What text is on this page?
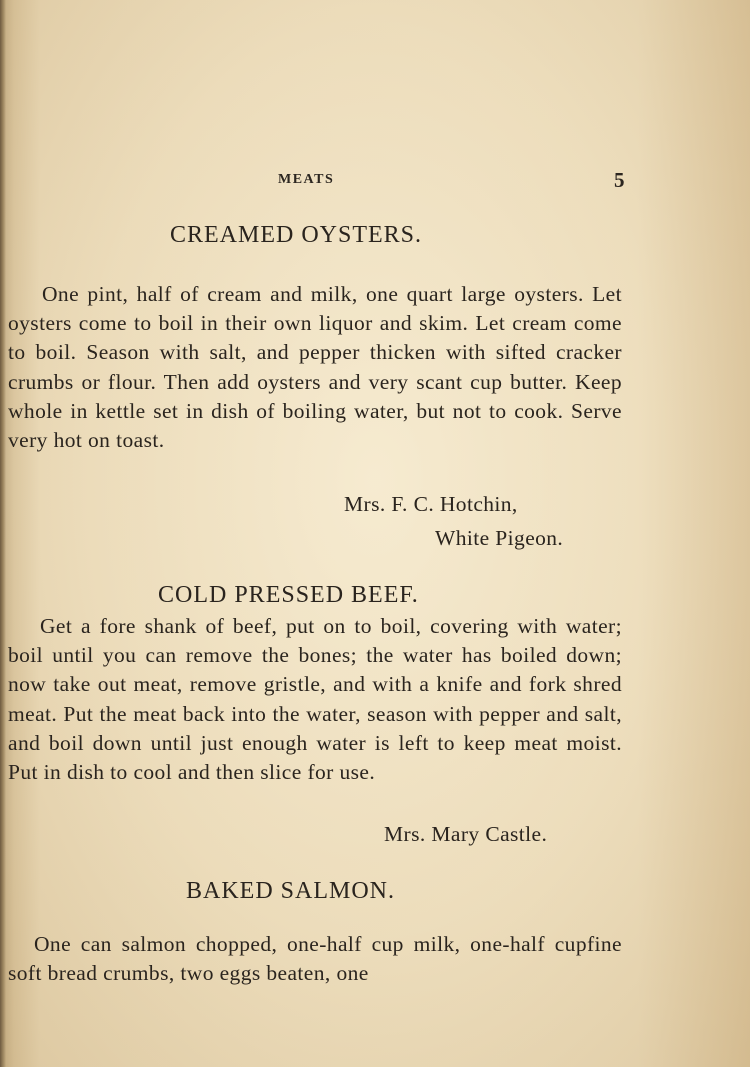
MEATS	5
CREAMED OYSTERS.

One pint, half of cream and milk, one quart large oysters. Let oysters come to boil in their own liquor and skim. Let cream come to boil. Season with salt, and pepper thicken with sifted cracker crumbs or flour. Then add oysters and very scant cup butter. Keep whole in kettle set in dish of boiling water, but not to cook. Serve very hot on toast.

Mrs. F. C. Hotchin,
White Pigeon.
COLD PRESSED BEEF.

Get a fore shank of beef, put on to boil, covering with water; boil until you can remove the bones; the water has boiled down; now take out meat, remove gristle, and with a knife and fork shred meat. Put the meat back into the water, season with pepper and salt, and boil down until just enough water is left to keep meat moist. Put in dish to cool and then slice for use.

Mrs. Mary Castle.
BAKED SALMON.

One can salmon chopped, one-half cup milk, one-half cupfine soft bread crumbs, two eggs beaten, one
